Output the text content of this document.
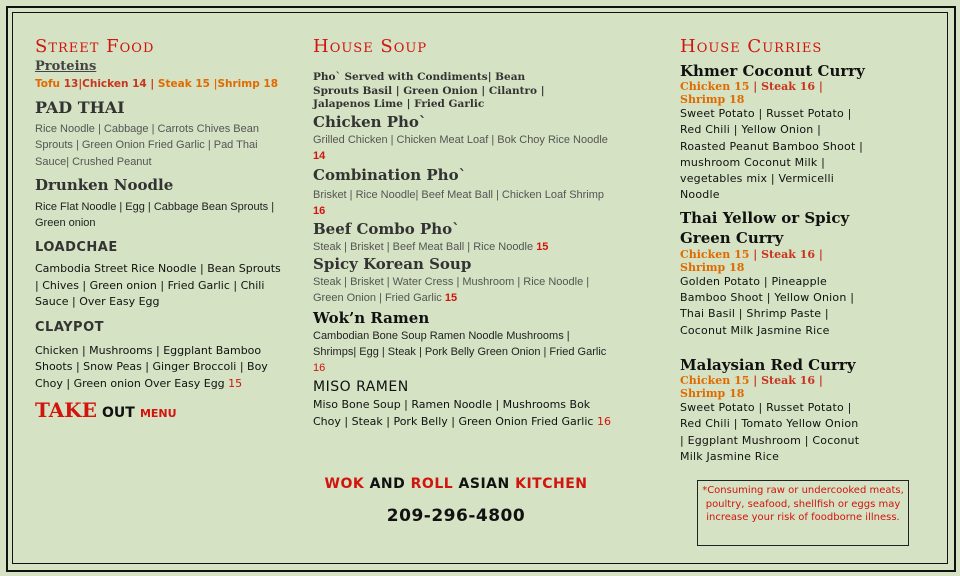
Street Food
Proteins
Tofu 13|Chicken 14 | Steak 15 |Shrimp 18
PAD THAI

Rice Noodle | Cabbage | Carrots Chives Bean Sprouts | Green Onion Fried Garlic | Pad Thai Sauce| Crushed Peanut

Drunken Noodle

Rice Flat Noodle | Egg | Cabbage Bean Sprouts | Green onion

LOADCHAE

Cambodia Street Rice Noodle | Bean Sprouts | Chives | Green onion | Fried Garlic | Chili Sauce | Over Easy Egg

CLAYPOT

Chicken | Mushrooms | Eggplant Bamboo Shoots | Snow Peas | Ginger Broccoli | Boy Choy | Green onion Over Easy Egg 15

TAKE OUT MENU
House Soup

Pho` Served with Condiments| Bean Sprouts Basil | Green Onion | Cilantro | Jalapenos Lime | Fried Garlic

Chicken Pho`

Grilled Chicken | Chicken Meat Loaf | Bok Choy Rice Noodle 14

Combination Pho`

Brisket | Rice Noodle| Beef Meat Ball | Chicken Loaf Shrimp 16

Beef Combo Pho`

Steak | Brisket | Beef Meat Ball | Rice Noodle 15

Spicy Korean Soup

Steak | Brisket | Water Cress | Mushroom | Rice Noodle | Green Onion | Fried Garlic 15

Wok’n Ramen

Cambodian Bone Soup Ramen Noodle Mushrooms | Shrimps| Egg | Steak | Pork Belly Green Onion | Fried Garlic 16

MISO RAMEN

Miso Bone Soup | Ramen Noodle | Mushrooms Bok Choy | Steak | Pork Belly | Green Onion Fried Garlic 16

WOK AND ROLL ASIAN KITCHEN
209-296-4800
House Curries
Khmer Coconut Curry
Chicken 15 | Steak 16 | Shrimp 18

Sweet Potato | Russet Potato | Red Chili | Yellow Onion | Roasted Peanut Bamboo Shoot | mushroom Coconut Milk | vegetables mix | Vermicelli Noodle

Thai Yellow or Spicy Green Curry
Chicken 15 | Steak 16 | Shrimp 18

Golden Potato | Pineapple Bamboo Shoot | Yellow Onion | Thai Basil | Shrimp Paste | Coconut Milk Jasmine Rice

Malaysian Red Curry
Chicken 15 | Steak 16 | Shrimp 18

Sweet Potato | Russet Potato | Red Chili | Tomato Yellow Onion | Eggplant Mushroom | Coconut Milk Jasmine Rice

*Consuming raw or undercooked meats, poultry, seafood, shellfish or eggs may increase your risk of foodborne illness.
